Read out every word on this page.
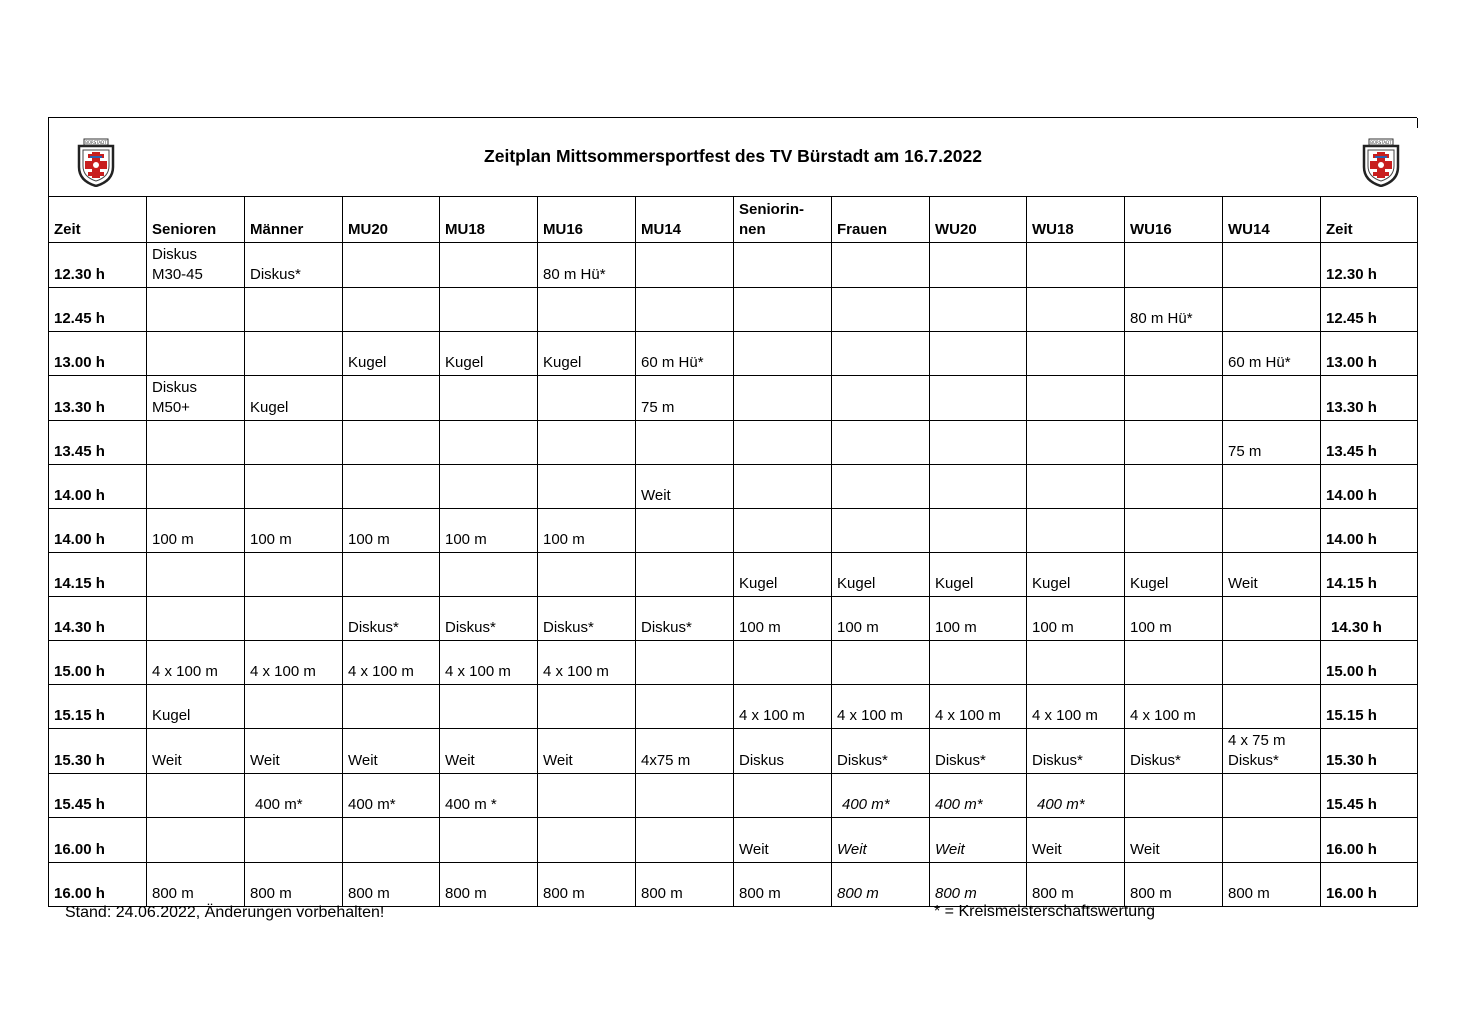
BÜRSTADT
Zeitplan Mittsommersportfest des TV Bürstadt am 16.7.2022
BÜRSTADT
Zeit	Senioren	Männer	MU20	MU18	MU16	MU14	Seniorin-
nen	Frauen	WU20	WU18	WU16	WU14	Zeit
12.30 h	Diskus
M30-45	Diskus*			80 m Hü*								12.30 h
12.45 h											80 m Hü*		12.45 h
13.00 h			Kugel	Kugel	Kugel	60 m Hü*						60 m Hü*	13.00 h
13.30 h	Diskus
M50+	Kugel				75 m							13.30 h
13.45 h												75 m	13.45 h
14.00 h						Weit							14.00 h
14.00 h	100 m	100 m	100 m	100 m	100 m								14.00 h
14.15 h							Kugel	Kugel	Kugel	Kugel	Kugel	Weit	14.15 h
14.30 h			Diskus*	Diskus*	Diskus*	Diskus*	100 m	100 m	100 m	100 m	100 m		14.30 h
15.00 h	4 x 100 m	4 x 100 m	4 x 100 m	4 x 100 m	4 x 100 m								15.00 h
15.15 h	Kugel						4 x 100 m	4 x 100 m	4 x 100 m	4 x 100 m	4 x 100 m		15.15 h
15.30 h	Weit	Weit	Weit	Weit	Weit	4x75 m	Diskus	Diskus*	Diskus*	Diskus*	Diskus*	4 x 75 m
Diskus*	15.30 h
15.45 h		400 m*	400 m*	400 m *				400 m*	400 m*	400 m*			15.45 h
16.00 h							Weit	Weit	Weit	Weit	Weit		16.00 h
16.00 h	800 m	800 m	800 m	800 m	800 m	800 m	800 m	800 m	800 m	800 m	800 m	800 m	16.00 h
Stand: 24.06.2022, Änderungen vorbehalten!	* = Kreismeisterschaftswertung
